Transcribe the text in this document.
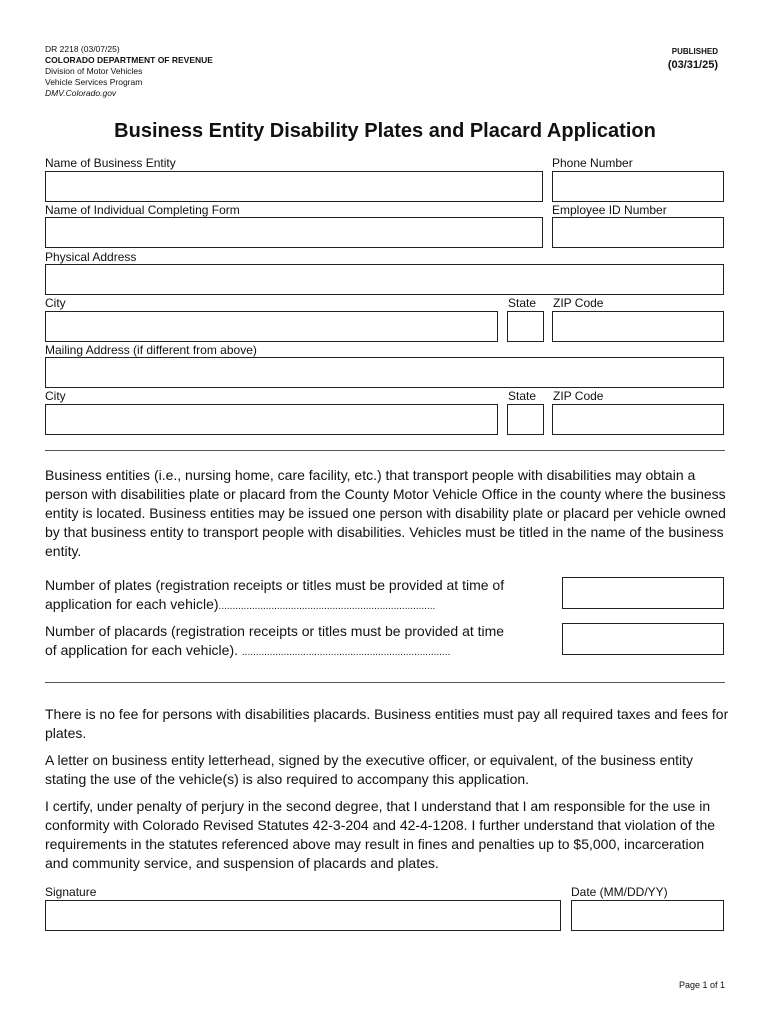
DR 2218 (03/07/25)
COLORADO DEPARTMENT OF REVENUE
Division of Motor Vehicles
Vehicle Services Program
DMV.Colorado.gov
PUBLISHED
(03/31/25)
Business Entity Disability Plates and Placard Application
Name of Business Entity	Phone Number
Name of Individual Completing Form	Employee ID Number
Physical Address
City	State ZIP Code
Mailing Address (if different from above)
City	State ZIP Code

Business entities (i.e., nursing home, care facility, etc.) that transport people with disabilities may obtain a person with disabilities plate or placard from the County Motor Vehicle Office in the county where the business entity is located. Business entities may be issued one person with disability plate or placard per vehicle owned by that business entity to transport people with disabilities. Vehicles must be titled in the name of the business entity.

Number of plates (registration receipts or titles must be provided at time of
application for each vehicle)..............................................................................
Number of placards (registration receipts or titles must be provided at time
of application for each vehicle). ...........................................................................

There is no fee for persons with disabilities placards. Business entities must pay all required taxes and fees for plates.

A letter on business entity letterhead, signed by the executive officer, or equivalent, of the business entity stating the use of the vehicle(s) is also required to accompany this application.

I certify, under penalty of perjury in the second degree, that I understand that I am responsible for the use in conformity with Colorado Revised Statutes 42-3-204 and 42-4-1208. I further understand that violation of the requirements in the statutes referenced above may result in fines and penalties up to $5,000, incarceration and community service, and suspension of placards and plates.

Signature	Date (MM/DD/YY)
Page 1 of 1
